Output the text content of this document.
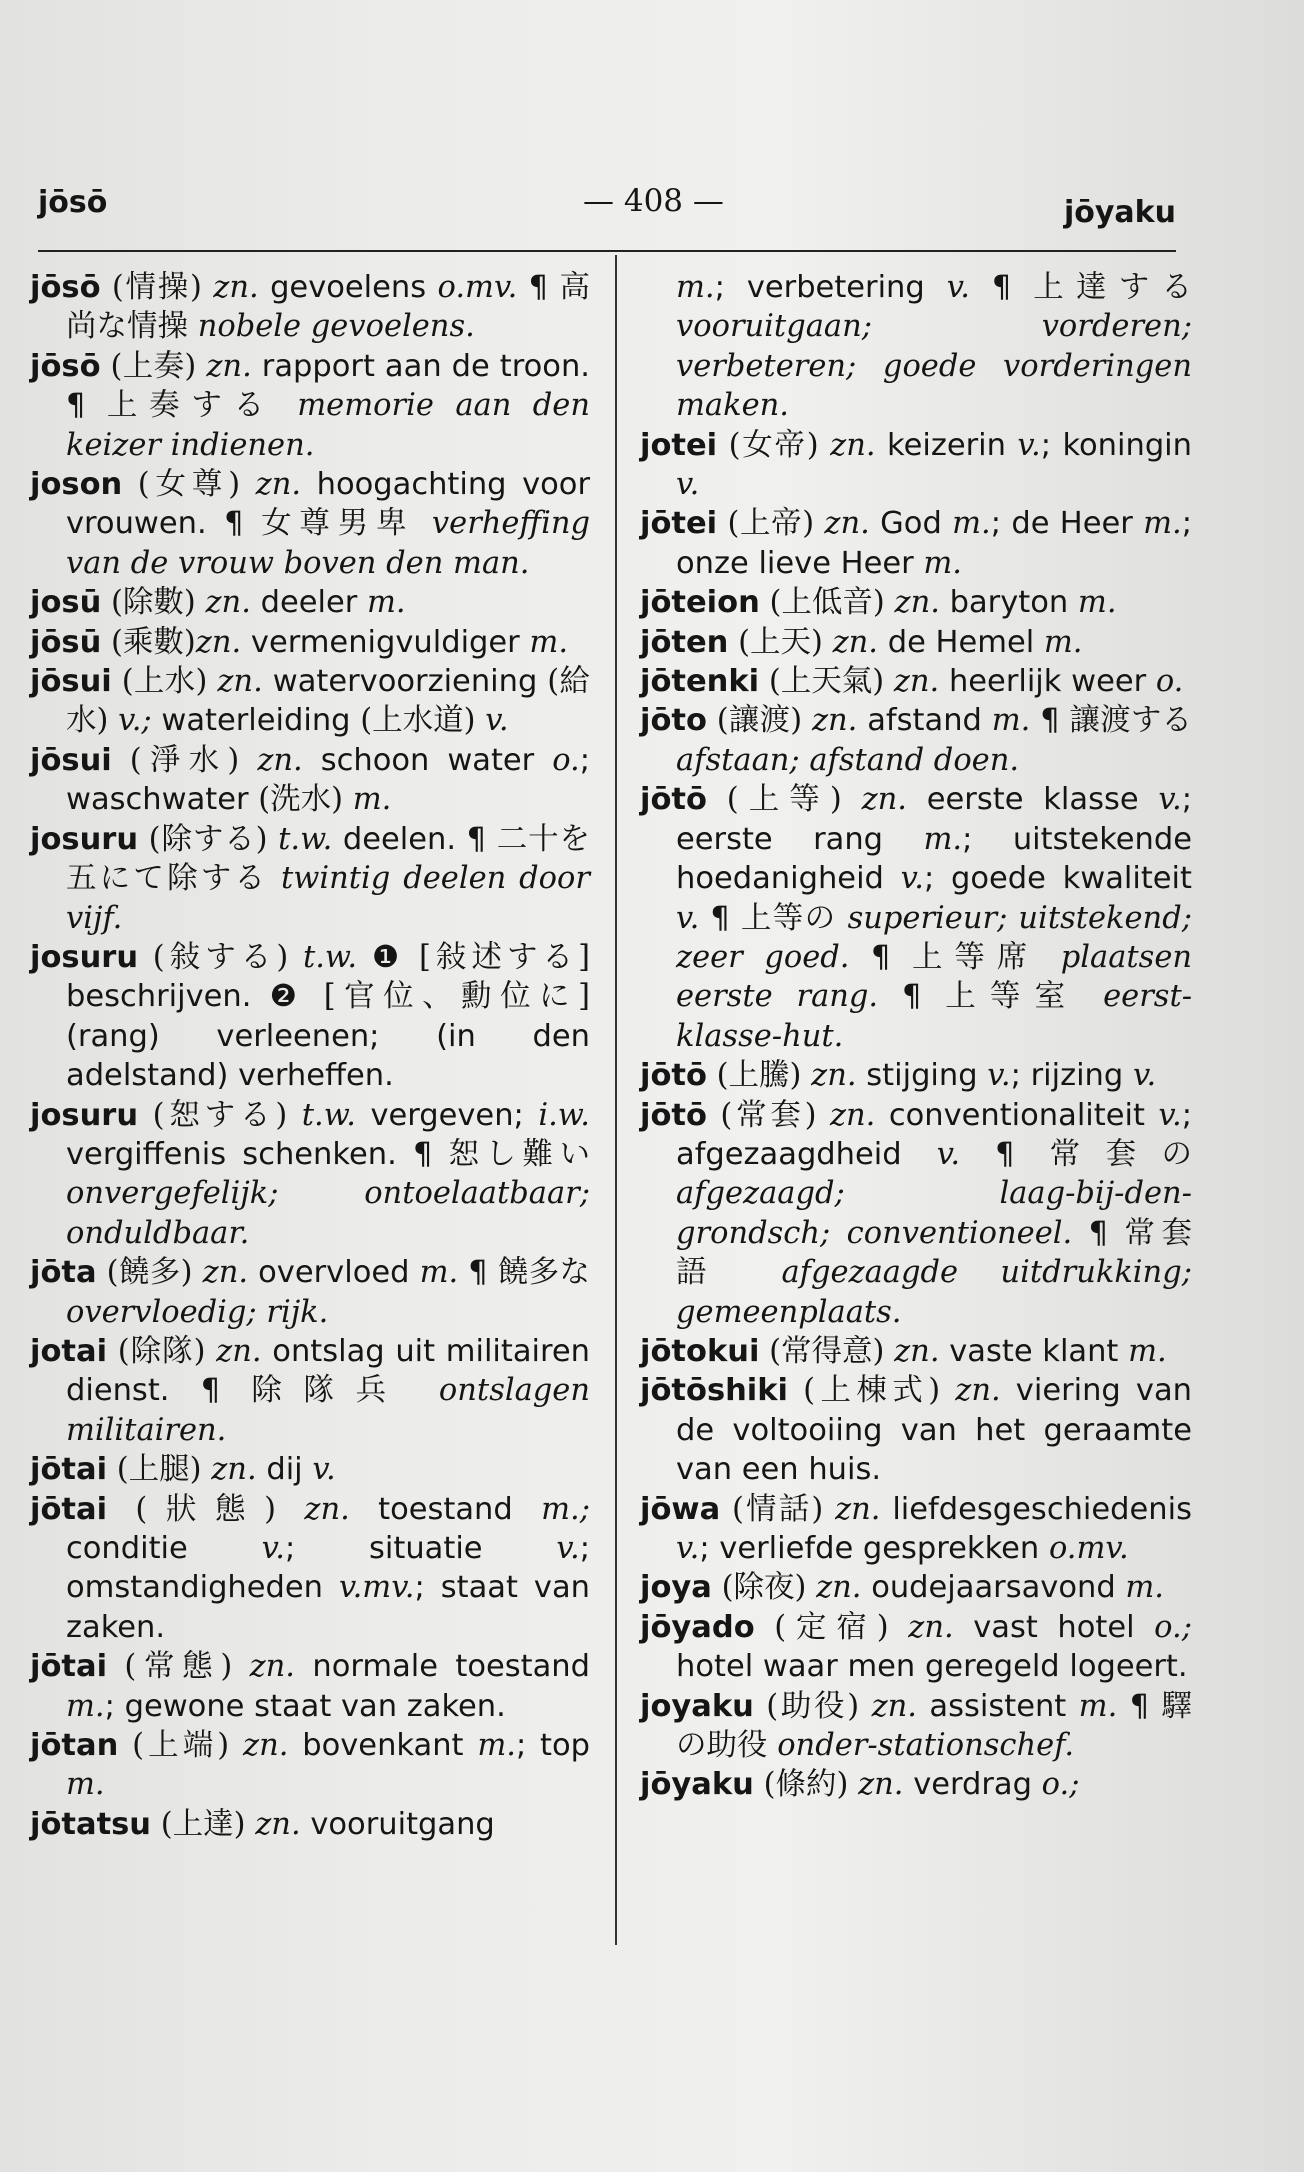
jōsō	— 408 —	jōyaku

jōsō (情操) zn. gevoelens o.mv. ¶ 高尚な情操 nobele gevoelens.

jōsō (上奏) zn. rapport aan de troon. ¶ 上奏する memorie aan den keizer indienen.

joson (女尊) zn. hoogachting voor vrouwen. ¶ 女尊男卑 verheffing van de vrouw boven den man.

josū (除數) zn. deeler m.

jōsū (乘數)zn. vermenigvuldiger m.

jōsui (上水) zn. watervoorziening (給水) v.; waterleiding (上水道) v.

jōsui (淨水) zn. schoon water o.; waschwater (洗水) m.

josuru (除する) t.w. deelen. ¶ 二十を五にて除する twintig deelen door vijf.

josuru (敍する) t.w. ❶ [敍述する] beschrijven. ❷ [官位、勳位に] (rang) verleenen; (in den adelstand) verheffen.

josuru (恕する) t.w. vergeven; i.w. vergiffenis schenken. ¶ 恕し難い onvergefelijk; ontoelaatbaar; onduldbaar.

jōta (饒多) zn. overvloed m. ¶ 饒多な overvloedig; rijk.

jotai (除隊) zn. ontslag uit militairen dienst. ¶ 除隊兵 ontslagen militairen.

jōtai (上腿) zn. dij v.

jōtai (狀態) zn. toestand m.; conditie v.; situatie v.; omstandigheden v.mv.; staat van zaken.

jōtai (常態) zn. normale toestand m.; gewone staat van zaken.

jōtan (上端) zn. bovenkant m.; top m.

jōtatsu (上達) zn. vooruitgang

m.; verbetering v. ¶ 上達する vooruitgaan; vorderen; verbeteren; goede vorderingen maken.

jotei (女帝) zn. keizerin v.; koningin v.

jōtei (上帝) zn. God m.; de Heer m.; onze lieve Heer m.

jōteion (上低音) zn. baryton m.

jōten (上天) zn. de Hemel m.

jōtenki (上天氣) zn. heerlijk weer o.

jōto (讓渡) zn. afstand m. ¶ 讓渡する afstaan; afstand doen.

jōtō (上等) zn. eerste klasse v.; eerste rang m.; uitstekende hoedanigheid v.; goede kwaliteit v. ¶ 上等の superieur; uitstekend; zeer goed. ¶ 上等席 plaatsen eerste rang. ¶ 上等室 eerst-klasse-hut.

jōtō (上騰) zn. stijging v.; rijzing v.

jōtō (常套) zn. conventionaliteit v.; afgezaagdheid v. ¶ 常套の afgezaagd; laag-bij-den-grondsch; conventioneel. ¶ 常套語 afgezaagde uitdrukking; gemeenplaats.

jōtokui (常得意) zn. vaste klant m.

jōtōshiki (上棟式) zn. viering van de voltooiing van het geraamte van een huis.

jōwa (情話) zn. liefdesgeschiedenis v.; verliefde gesprekken o.mv.

joya (除夜) zn. oudejaarsavond m.

jōyado (定宿) zn. vast hotel o.; hotel waar men geregeld logeert.

joyaku (助役) zn. assistent m. ¶ 驛の助役 onder-stationschef.

jōyaku (條約) zn. verdrag o.;
